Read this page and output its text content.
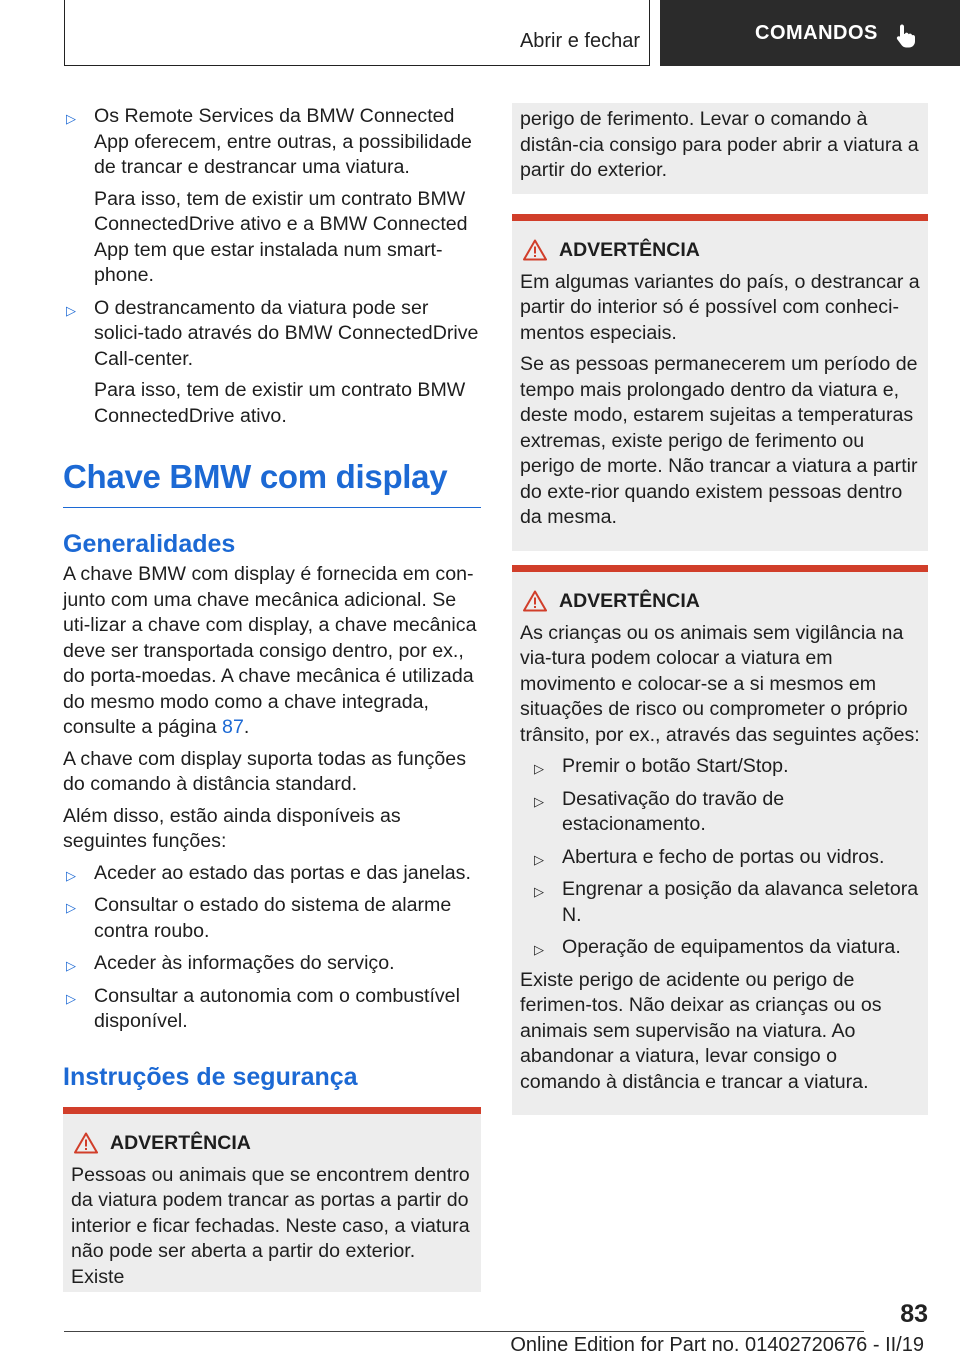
Abrir e fechar	COMANDOS
▷ Os Remote Services da BMW Connected App oferecem, entre outras, a possibilidade de trancar e destrancar uma viatura.

Para isso, tem de existir um contrato BMW ConnectedDrive ativo e a BMW Connected App tem que estar instalada num smart‐phone.

▷ O destrancamento da viatura pode ser solici‐tado através do BMW ConnectedDrive Call‐center.

Para isso, tem de existir um contrato BMW ConnectedDrive ativo.

Chave BMW com display
Generalidades

A chave BMW com display é fornecida em con‐junto com uma chave mecânica adicional. Se uti‐lizar a chave com display, a chave mecânica deve ser transportada consigo dentro, por ex., do porta-moedas. A chave mecânica é utilizada do mesmo modo como a chave integrada, consulte a página 87.

A chave com display suporta todas as funções do comando à distância standard.

Além disso, estão ainda disponíveis as seguintes funções:

▷ Aceder ao estado das portas e das janelas.
▷ Consultar o estado do sistema de alarme contra roubo.
▷ Aceder às informações do serviço.
▷ Consultar a autonomia com o combustível disponível.
Instruções de segurança
ADVERTÊNCIA

Pessoas ou animais que se encontrem dentro da viatura podem trancar as portas a partir do interior e ficar fechadas. Neste caso, a viatura não pode ser aberta a partir do exterior. Existe

perigo de ferimento. Levar o comando à distân‐cia consigo para poder abrir a viatura a partir do exterior.

ADVERTÊNCIA

Em algumas variantes do país, o destrancar a partir do interior só é possível com conheci‐mentos especiais.

Se as pessoas permanecerem um período de tempo mais prolongado dentro da viatura e, deste modo, estarem sujeitas a temperaturas extremas, existe perigo de ferimento ou perigo de morte. Não trancar a viatura a partir do exte‐rior quando existem pessoas dentro da mesma.

ADVERTÊNCIA

As crianças ou os animais sem vigilância na via‐tura podem colocar a viatura em movimento e colocar-se a si mesmos em situações de risco ou comprometer o próprio trânsito, por ex., através das seguintes ações:

▷ Premir o botão Start/Stop.
▷ Desativação do travão de estacionamento.
▷ Abertura e fecho de portas ou vidros.
▷ Engrenar a posição da alavanca seletora N.
▷ Operação de equipamentos da viatura.

Existe perigo de acidente ou perigo de ferimen‐tos. Não deixar as crianças ou os animais sem supervisão na viatura. Ao abandonar a viatura, levar consigo o comando à distância e trancar a viatura.

83
Online Edition for Part no. 01402720676 - II/19
